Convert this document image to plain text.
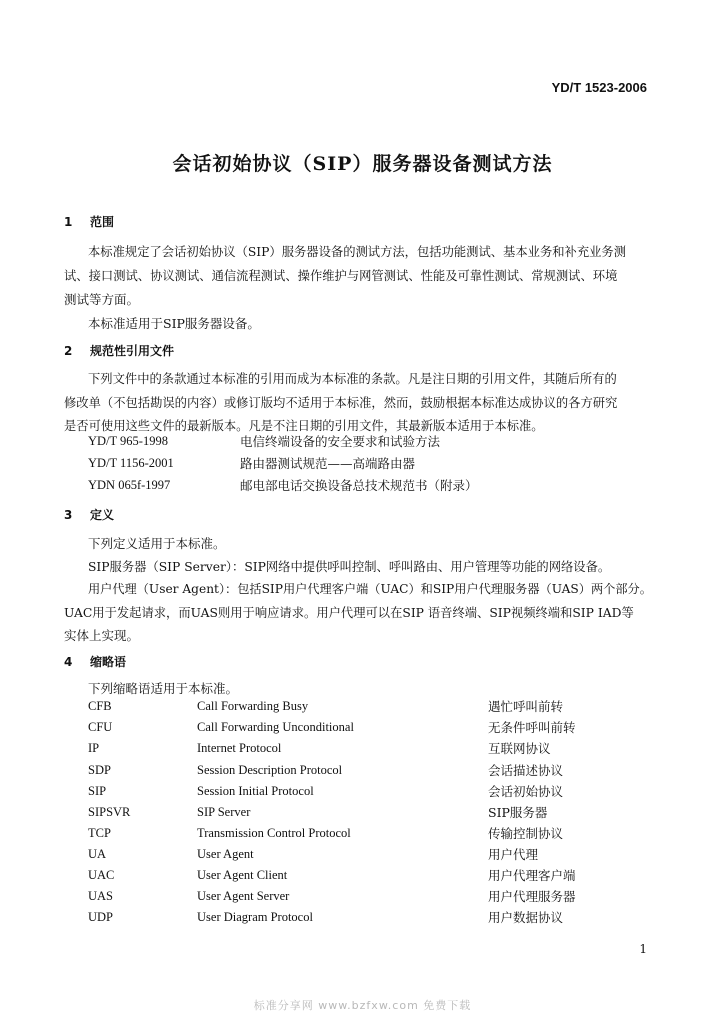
YD/T 1523-2006
会话初始协议（SIP）服务器设备测试方法
1 范围
本标准规定了会话初始协议（SIP）服务器设备的测试方法，包括功能测试、基本业务和补充业务测
试、接口测试、协议测试、通信流程测试、操作维护与网管测试、性能及可靠性测试、常规测试、环境
测试等方面。
本标准适用于SIP服务器设备。
2 规范性引用文件
下列文件中的条款通过本标准的引用而成为本标准的条款。凡是注日期的引用文件，其随后所有的
修改单（不包括勘误的内容）或修订版均不适用于本标准，然而，鼓励根据本标准达成协议的各方研究
是否可使用这些文件的最新版本。凡是不注日期的引用文件，其最新版本适用于本标准。
YD/T 965-1998	电信终端设备的安全要求和试验方法
YD/T 1156-2001	路由器测试规范——高端路由器
YDN 065f-1997	邮电部电话交换设备总技术规范书（附录）
3 定义
下列定义适用于本标准。
SIP服务器（SIP Server）：SIP网络中提供呼叫控制、呼叫路由、用户管理等功能的网络设备。
用户代理（User Agent）：包括SIP用户代理客户端（UAC）和SIP用户代理服务器（UAS）两个部分。
UAC用于发起请求，而UAS则用于响应请求。用户代理可以在SIP 语音终端、SIP视频终端和SIP IAD等
实体上实现。
4 缩略语
下列缩略语适用于本标准。
CFB	Call Forwarding Busy	遇忙呼叫前转
CFU	Call Forwarding Unconditional	无条件呼叫前转
IP	Internet Protocol	互联网协议
SDP	Session Description Protocol	会话描述协议
SIP	Session Initial Protocol	会话初始协议
SIPSVR	SIP Server	SIP服务器
TCP	Transmission Control Protocol	传输控制协议
UA	User Agent	用户代理
UAC	User Agent Client	用户代理客户端
UAS	User Agent Server	用户代理服务器
UDP	User Diagram Protocol	用户数据协议
1
标准分享网 www.bzfxw.com 免费下载
